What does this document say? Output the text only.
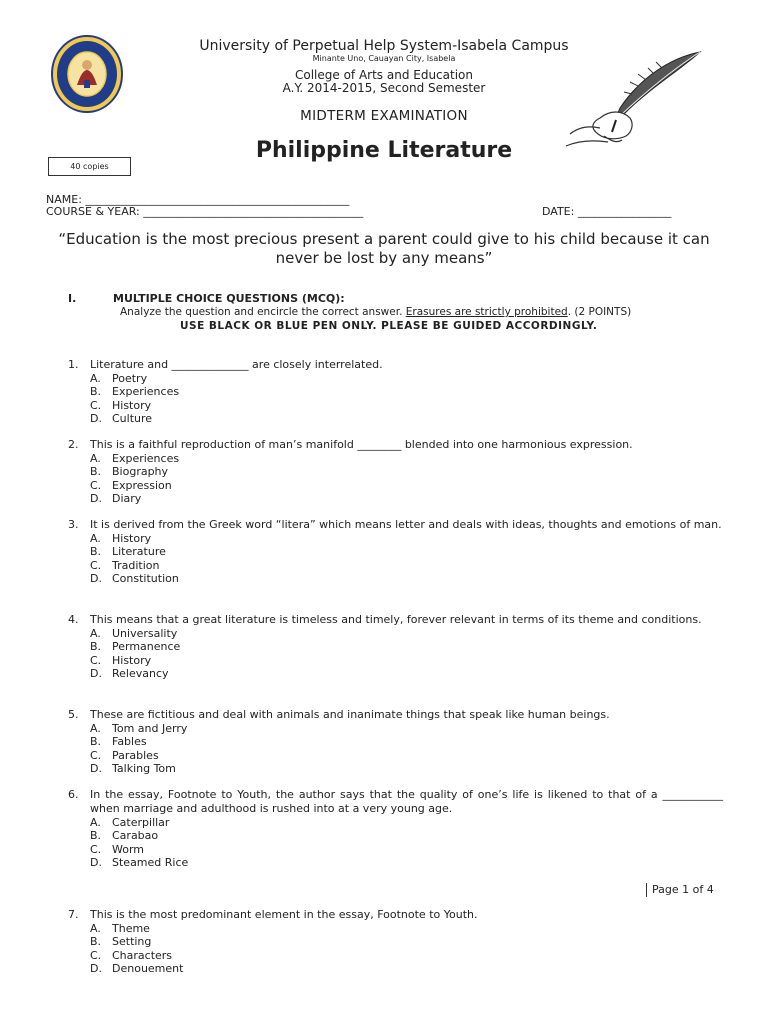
University of Perpetual Help System-Isabela Campus
Minante Uno, Cauayan City, Isabela
College of Arts and Education
A.Y. 2014-2015, Second Semester
MIDTERM EXAMINATION
Philippine Literature
40 copies
NAME: ________________________________________________
COURSE & YEAR: ________________________________________	DATE: _________________
“Education is the most precious present a parent could give to his child because it can never be lost by any means”
I.	MULTIPLE CHOICE QUESTIONS (MCQ):
Analyze the question and encircle the correct answer. Erasures are strictly prohibited. (2 POINTS)
USE BLACK OR BLUE PEN ONLY. PLEASE BE GUIDED ACCORDINGLY.
1.	Literature and ______________ are closely interrelated.
A.	Poetry
B. Experiences
C. History
D. Culture
2.	This is a faithful reproduction of man’s manifold ________ blended into one harmonious expression.
A.	Experiences
B. Biography
C. Expression
D. Diary
3.	It is derived from the Greek word “litera” which means letter and deals with ideas, thoughts and emotions of man.
A.	History
B. Literature
C. Tradition
D. Constitution
4.	This means that a great literature is timeless and timely, forever relevant in terms of its theme and conditions.
A.	Universality
B. Permanence
C. History
D. Relevancy
5.	These are fictitious and deal with animals and inanimate things that speak like human beings.
A.	Tom and Jerry
B. Fables
C. Parables
D. Talking Tom
6.	In the essay, Footnote to Youth, the author says that the quality of one’s life is likened to that of a ___________ when marriage and adulthood is rushed into at a very young age.
A.	Caterpillar
B. Carabao
C. Worm
D. Steamed Rice
Page 1 of 4
7.	This is the most predominant element in the essay, Footnote to Youth.
A.	Theme
B. Setting
C. Characters
D. Denouement
